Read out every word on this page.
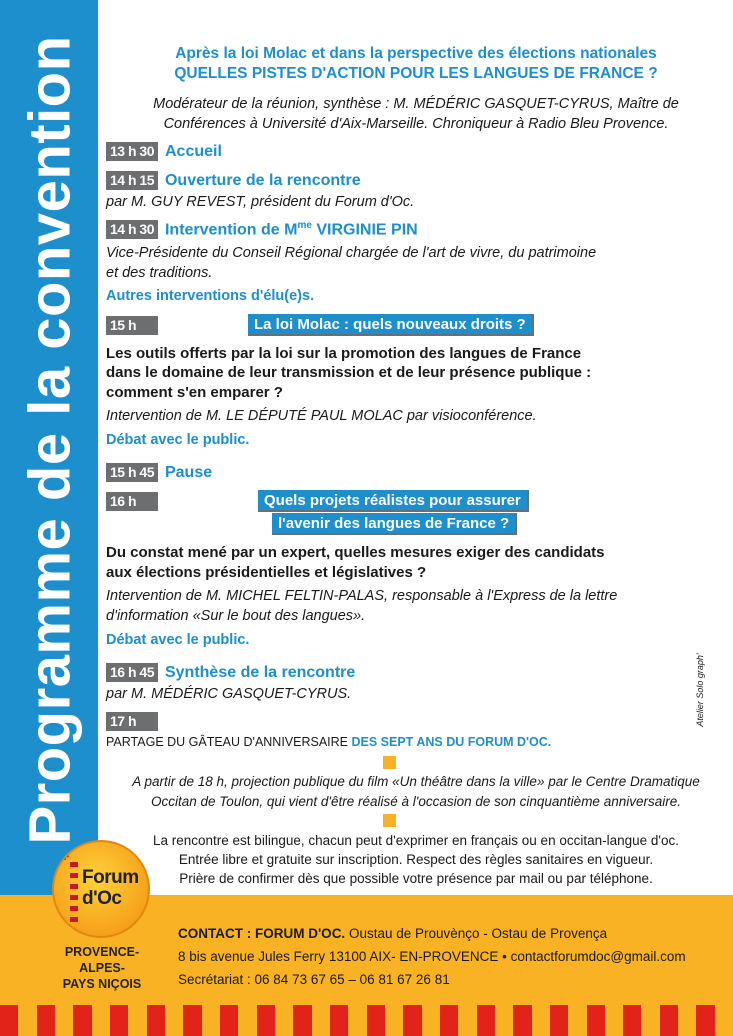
Programme de la convention	Après la loi Molac et dans la perspective des élections nationales
QUELLES PISTES D'ACTION POUR LES LANGUES DE FRANCE ?
Modérateur de la réunion, synthèse : M. MÉDÉRIC GASQUET-CYRUS, Maître de
Conférences à Université d'Aix-Marseille. Chroniqueur à Radio Bleu Provence.
13 h 30 Accueil
14 h 15 Ouverture de la rencontre
par M. GUY REVEST, président du Forum d'Oc.
14 h 30 Intervention de $M^{me}$ VIRGINIE PIN
Vice-Présidente du Conseil Régional chargée de l'art de vivre, du patrimoine
et des traditions.
Autres interventions d'élu(e)s.
15 h	La loi Molac : quels nouveaux droits ?
Les outils offerts par la loi sur la promotion des langues de France
dans le domaine de leur transmission et de leur présence publique :
comment s'en emparer ?
Intervention de M. LE DÉPUTÉ PAUL MOLAC par visioconférence.
Débat avec le public.
15 h 45 Pause
16 h	Quels projets réalistes pour assurer
l'avenir des langues de France ?
Du constat mené par un expert, quelles mesures exiger des candidats
aux élections présidentielles et législatives ?
Intervention de M. MICHEL FELTIN-PALAS, responsable à l'Express de la lettre
d'information «Sur le bout des langues».
Débat avec le public.
16 h 45 Synthèse de la rencontre
par M. MÉDÉRIC GASQUET-CYRUS.
17 h
PARTAGE DU GÂTEAU D'ANNIVERSAIRE DES SEPT ANS DU FORUM D'OC.
A partir de 18 h, projection publique du film «Un théâtre dans la ville» par le Centre Dramatique
Occitan de Toulon, qui vient d'être réalisé à l'occasion de son cinquantième anniversaire.
La rencontre est bilingue, chacun peut d'exprimer en français ou en occitan-langue d'oc.
Entrée libre et gratuite sur inscription. Respect des règles sanitaires en vigueur.
Prière de confirmer dès que possible votre présence par mail ou par téléphone.
Atelier Solo graph'
✤
Forum
d'Oc
PROVENCE-
ALPES-
PAYS NIÇOIS
CONTACT : FORUM D'OC. Oustau de Prouvènço - Ostau de Provença
8 bis avenue Jules Ferry 13100 AIX- EN-PROVENCE • contactforumdoc@gmail.com
Secrétariat : 06 84 73 67 65 – 06 81 67 26 81
